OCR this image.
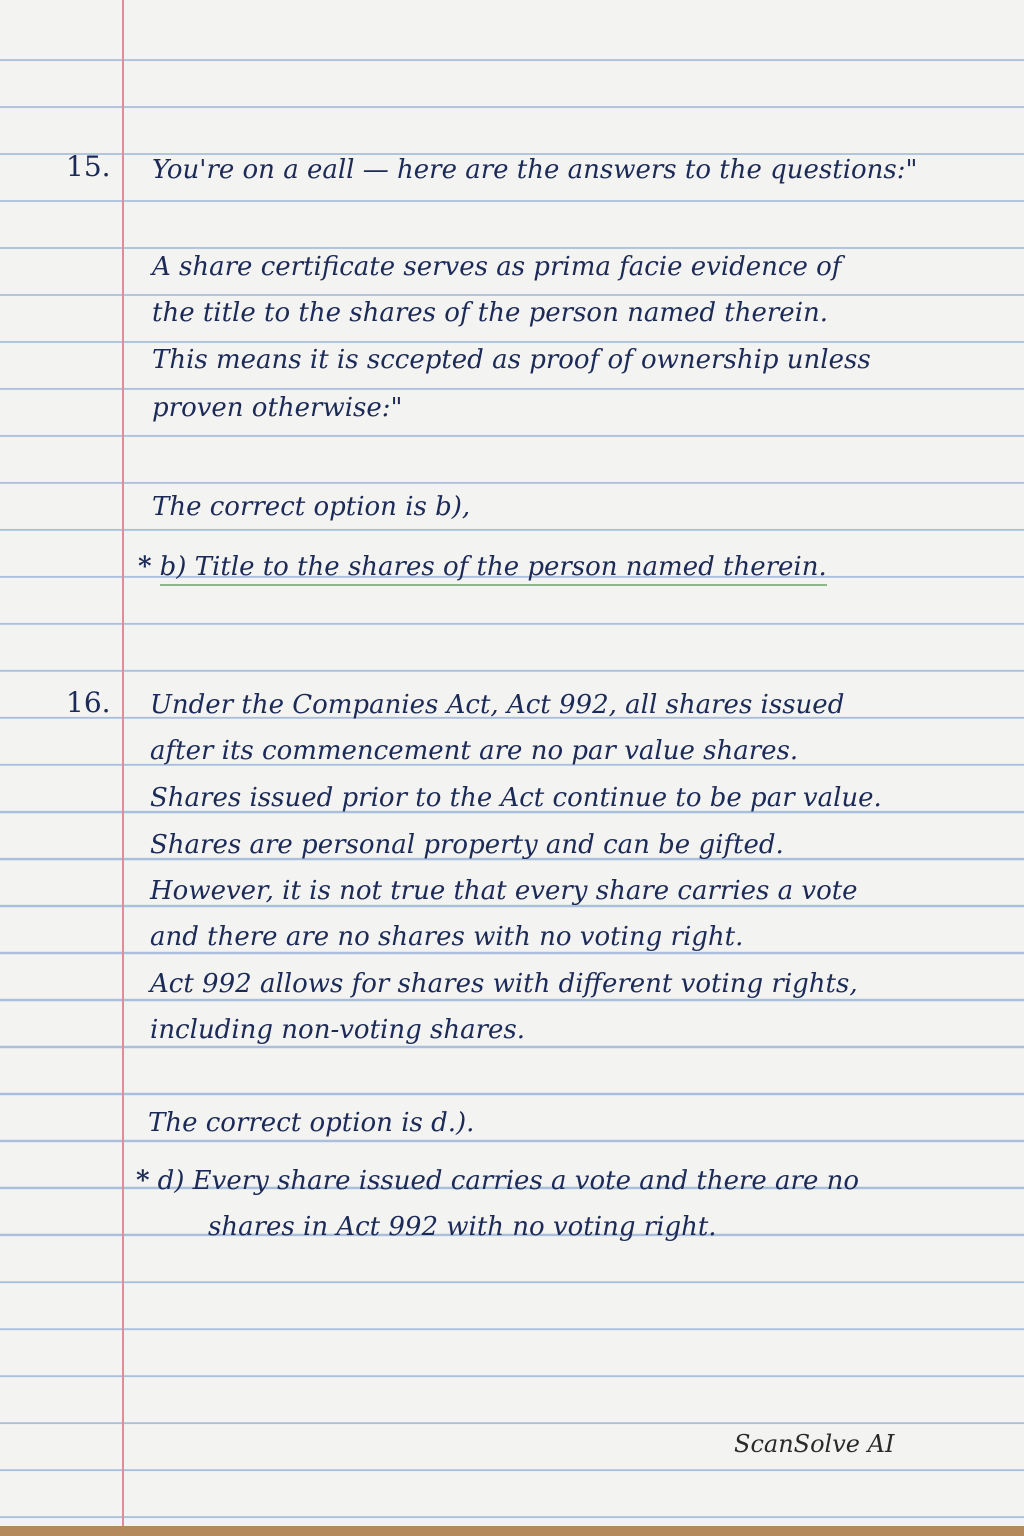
15. You're on a eall — here are the answers to the questions:"
A share certificate serves as prima facie evidence of
the title to the shares of the person named therein.
This means it is sccepted as proof of ownership unless
proven otherwise:"
The correct option is b),
* b) Title to the shares of the person named therein.
16. Under the Companies Act, Act 992, all shares issued
after its commencement are no par value shares.
Shares issued prior to the Act continue to be par value.
Shares are personal property and can be gifted.
However, it is not true that every share carries a vote
and there are no shares with no voting right.
Act 992 allows for shares with different voting rights,
including non-voting shares.
The correct option is d.).
* d) Every share issued carries a vote and there are no
shares in Act 992 with no voting right.
ScanSolve AI
